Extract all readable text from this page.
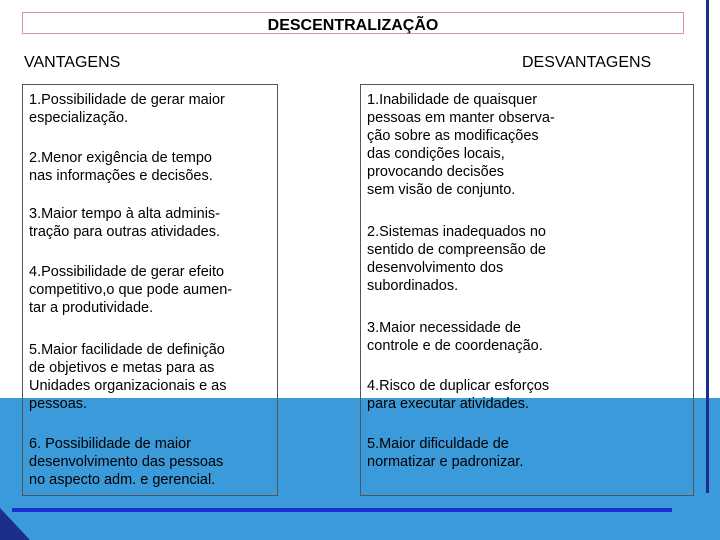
DESCENTRALIZAÇÃO
VANTAGENS	DESVANTAGENS
1.Possibilidade de gerar maior
especialização.
2.Menor exigência de tempo
nas informações e decisões.
3.Maior tempo à alta adminis-
tração para outras atividades.
4.Possibilidade de gerar efeito
competitivo,o que pode aumen-
tar a produtividade.
5.Maior facilidade de definição
de objetivos e metas para as
Unidades organizacionais e as
pessoas.
6. Possibilidade de maior
desenvolvimento das pessoas
no aspecto adm. e gerencial.
1.Inabilidade de quaisquer
pessoas em manter observa-
ção sobre as modificações
das condições locais,
provocando decisões
sem visão de conjunto.
2.Sistemas inadequados no
sentido de compreensão de
desenvolvimento dos
subordinados.
3.Maior necessidade de
controle e de coordenação.
4.Risco de duplicar esforços
para executar atividades.
5.Maior dificuldade de
normatizar e padronizar.
